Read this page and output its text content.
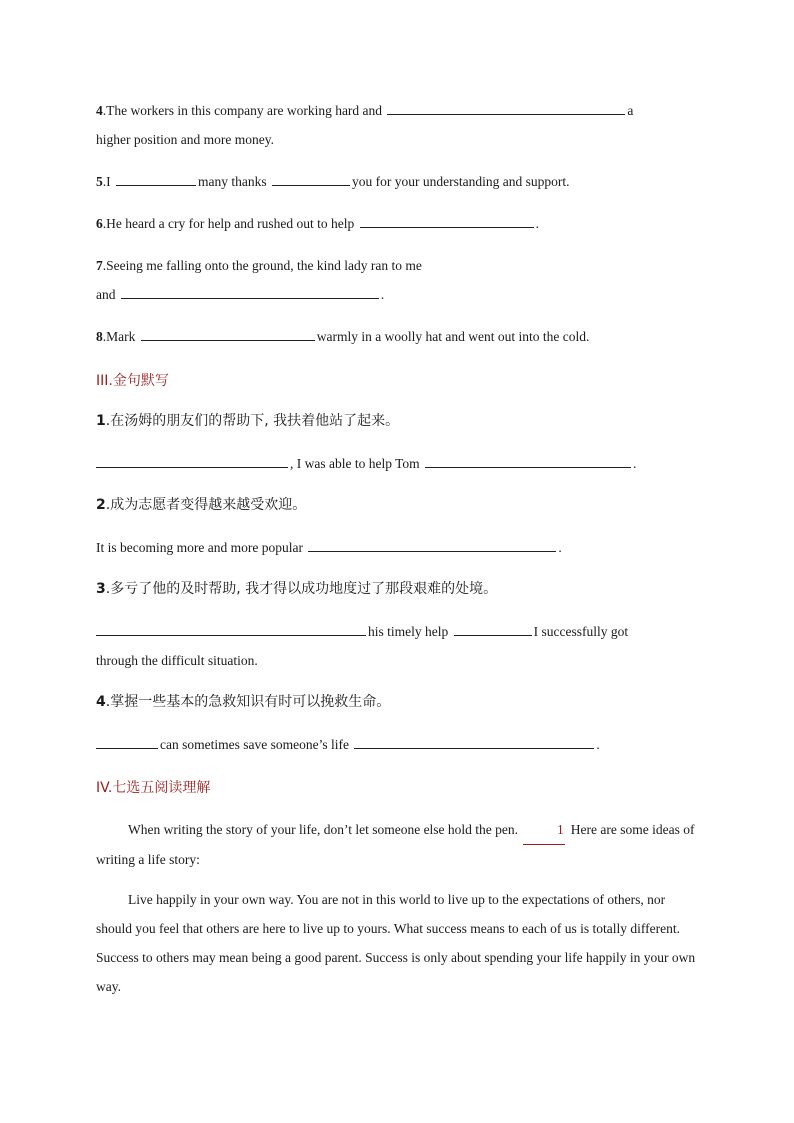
4.The workers in this company are working hard and	a
higher position and more money.
5.I	many thanks	you for your understanding and support.
6.He heard a cry for help and rushed out to help	.
7.Seeing me falling onto the ground, the kind lady ran to me
and	.
8.Mark	warmly in a woolly hat and went out into the cold.
III.金句默写
1.在汤姆的朋友们的帮助下, 我扶着他站了起来。
, I was able to help Tom	.
2.成为志愿者变得越来越受欢迎。
It is becoming more and more popular	.
3.多亏了他的及时帮助, 我才得以成功地度过了那段艰难的处境。
his timely help	I successfully got
through the difficult situation.
4.掌握一些基本的急救知识有时可以挽救生命。
can sometimes save someone’s life	.
IV.七选五阅读理解
When writing the story of your life, don’t let someone else hold the pen.	1 Here are some ideas of writing a life story:
Live happily in your own way. You are not in this world to live up to the expectations of others, nor should you feel that others are here to live up to yours. What success means to each of us is totally different. Success to others may mean being a good parent. Success is only about spending your life happily in your own way.
